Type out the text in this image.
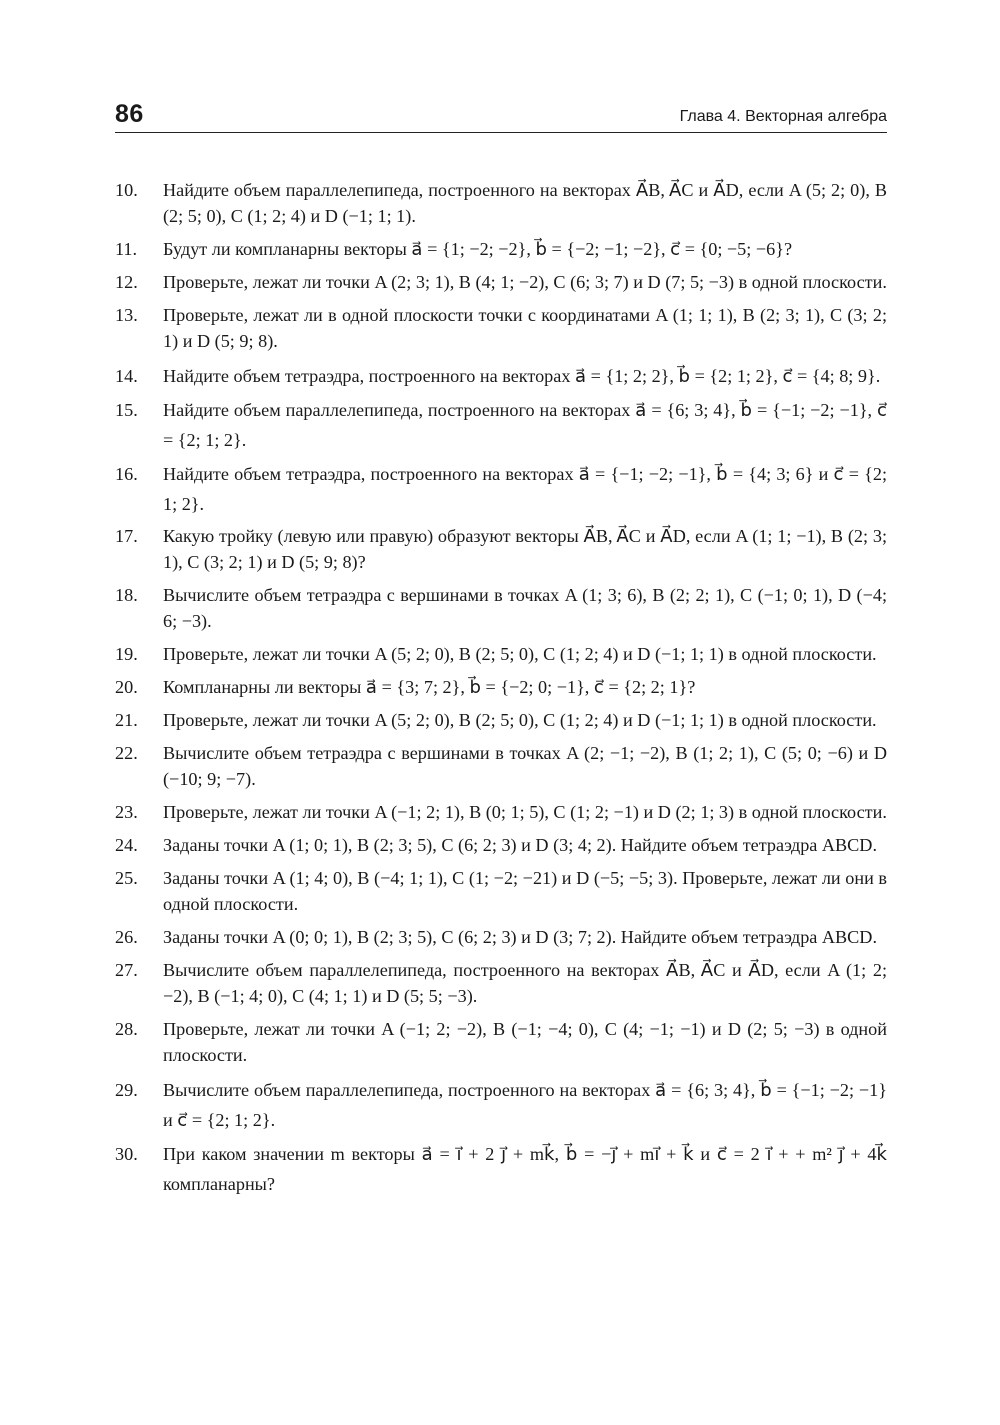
86	Глава 4. Векторная алгебра
10. Найдите объем параллелепипеда, построенного на векторах A⃗B, A⃗C и A⃗D, если A (5; 2; 0), B (2; 5; 0), C (1; 2; 4) и D (−1; 1; 1).
11. Будут ли компланарны векторы a⃗ = {1; −2; −2}, b⃗ = {−2; −1; −2}, c⃗ = {0; −5; −6}?
12. Проверьте, лежат ли точки A (2; 3; 1), B (4; 1; −2), C (6; 3; 7) и D (7; 5; −3) в одной плоскости.
13. Проверьте, лежат ли в одной плоскости точки с координатами A (1; 1; 1), B (2; 3; 1), C (3; 2; 1) и D (5; 9; 8).
14. Найдите объем тетраэдра, построенного на векторах a⃗ = {1; 2; 2}, b⃗ = {2; 1; 2}, c⃗ = {4; 8; 9}.
15. Найдите объем параллелепипеда, построенного на векторах a⃗ = {6; 3; 4}, b⃗ = {−1; −2; −1}, c⃗ = {2; 1; 2}.
16. Найдите объем тетраэдра, построенного на векторах a⃗ = {−1; −2; −1}, b⃗ = {4; 3; 6} и c⃗ = {2; 1; 2}.
17. Какую тройку (левую или правую) образуют векторы A⃗B, A⃗C и A⃗D, если A (1; 1; −1), B (2; 3; 1), C (3; 2; 1) и D (5; 9; 8)?
18. Вычислите объем тетраэдра с вершинами в точках A (1; 3; 6), B (2; 2; 1), C (−1; 0; 1), D (−4; 6; −3).
19. Проверьте, лежат ли точки A (5; 2; 0), B (2; 5; 0), C (1; 2; 4) и D (−1; 1; 1) в одной плоскости.
20. Компланарны ли векторы a⃗ = {3; 7; 2}, b⃗ = {−2; 0; −1}, c⃗ = {2; 2; 1}?
21. Проверьте, лежат ли точки A (5; 2; 0), B (2; 5; 0), C (1; 2; 4) и D (−1; 1; 1) в одной плоскости.
22. Вычислите объем тетраэдра с вершинами в точках A (2; −1; −2), B (1; 2; 1), C (5; 0; −6) и D (−10; 9; −7).
23. Проверьте, лежат ли точки A (−1; 2; 1), B (0; 1; 5), C (1; 2; −1) и D (2; 1; 3) в одной плоскости.
24. Заданы точки A (1; 0; 1), B (2; 3; 5), C (6; 2; 3) и D (3; 4; 2). Найдите объем тетраэдра ABCD.
25. Заданы точки A (1; 4; 0), B (−4; 1; 1), C (1; −2; −21) и D (−5; −5; 3). Проверьте, лежат ли они в одной плоскости.
26. Заданы точки A (0; 0; 1), B (2; 3; 5), C (6; 2; 3) и D (3; 7; 2). Найдите объем тетраэдра ABCD.
27. Вычислите объем параллелепипеда, построенного на векторах A⃗B, A⃗C и A⃗D, если A (1; 2; −2), B (−1; 4; 0), C (4; 1; 1) и D (5; 5; −3).
28. Проверьте, лежат ли точки A (−1; 2; −2), B (−1; −4; 0), C (4; −1; −1) и D (2; 5; −3) в одной плоскости.
29. Вычислите объем параллелепипеда, построенного на векторах a⃗ = {6; 3; 4}, b⃗ = {−1; −2; −1} и c⃗ = {2; 1; 2}.
30. При каком значении m векторы a⃗ = i⃗ + 2 j⃗ + mk⃗, b⃗ = −j⃗ + mi⃗ + k⃗ и c⃗ = 2 i⃗ + + m² j⃗ + 4k⃗ компланарны?
